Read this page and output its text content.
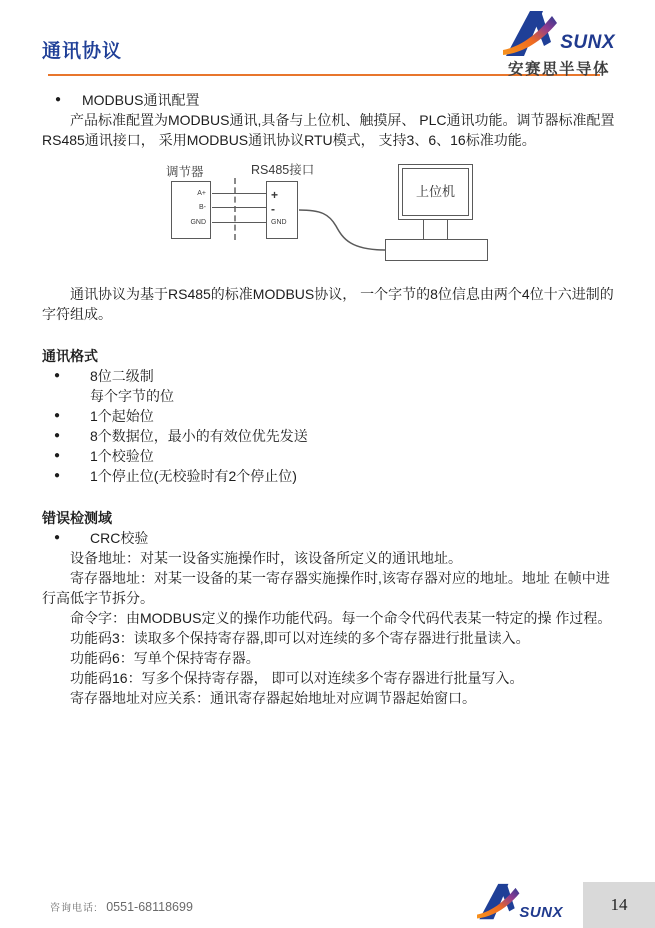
通讯协议	SUNX
安赛思半导体
● MODBUS通讯配置
产品标准配置为MODBUS通讯,具备与上位机、触摸屏、 PLC通讯功能。调节器标准配置RS485通讯接口， 采用MODBUS通讯协议RTU模式， 支持3、6、16标准功能。
调节器	RS485接口
A+
B-
GND
+
-
GND
上位机
通讯协议为基于RS485的标准MODBUS协议， 一个字节的8位信息由两个4位十六进制的字符组成。
通讯格式
● 8位二级制
每个字节的位
● 1个起始位
● 8个数据位，最小的有效位优先发送
● 1个校验位
● 1个停止位(无校验时有2个停止位)
错误检测域
● CRC校验
设备地址：对某一设备实施操作时，该设备所定义的通讯地址。
寄存器地址：对某一设备的某一寄存器实施操作时,该寄存器对应的地址。地址 在帧中进行高低字节拆分。
命令字：由MODBUS定义的操作功能代码。每一个命令代码代表某一特定的操 作过程。
功能码3：读取多个保持寄存器,即可以对连续的多个寄存器进行批量读入。
功能码6：写单个保持寄存器。
功能码16：写多个保持寄存器， 即可以对连续多个寄存器进行批量写入。
寄存器地址对应关系：通讯寄存器起始地址对应调节器起始窗口。
咨询电话: 0551-68118699	SUNX	14
